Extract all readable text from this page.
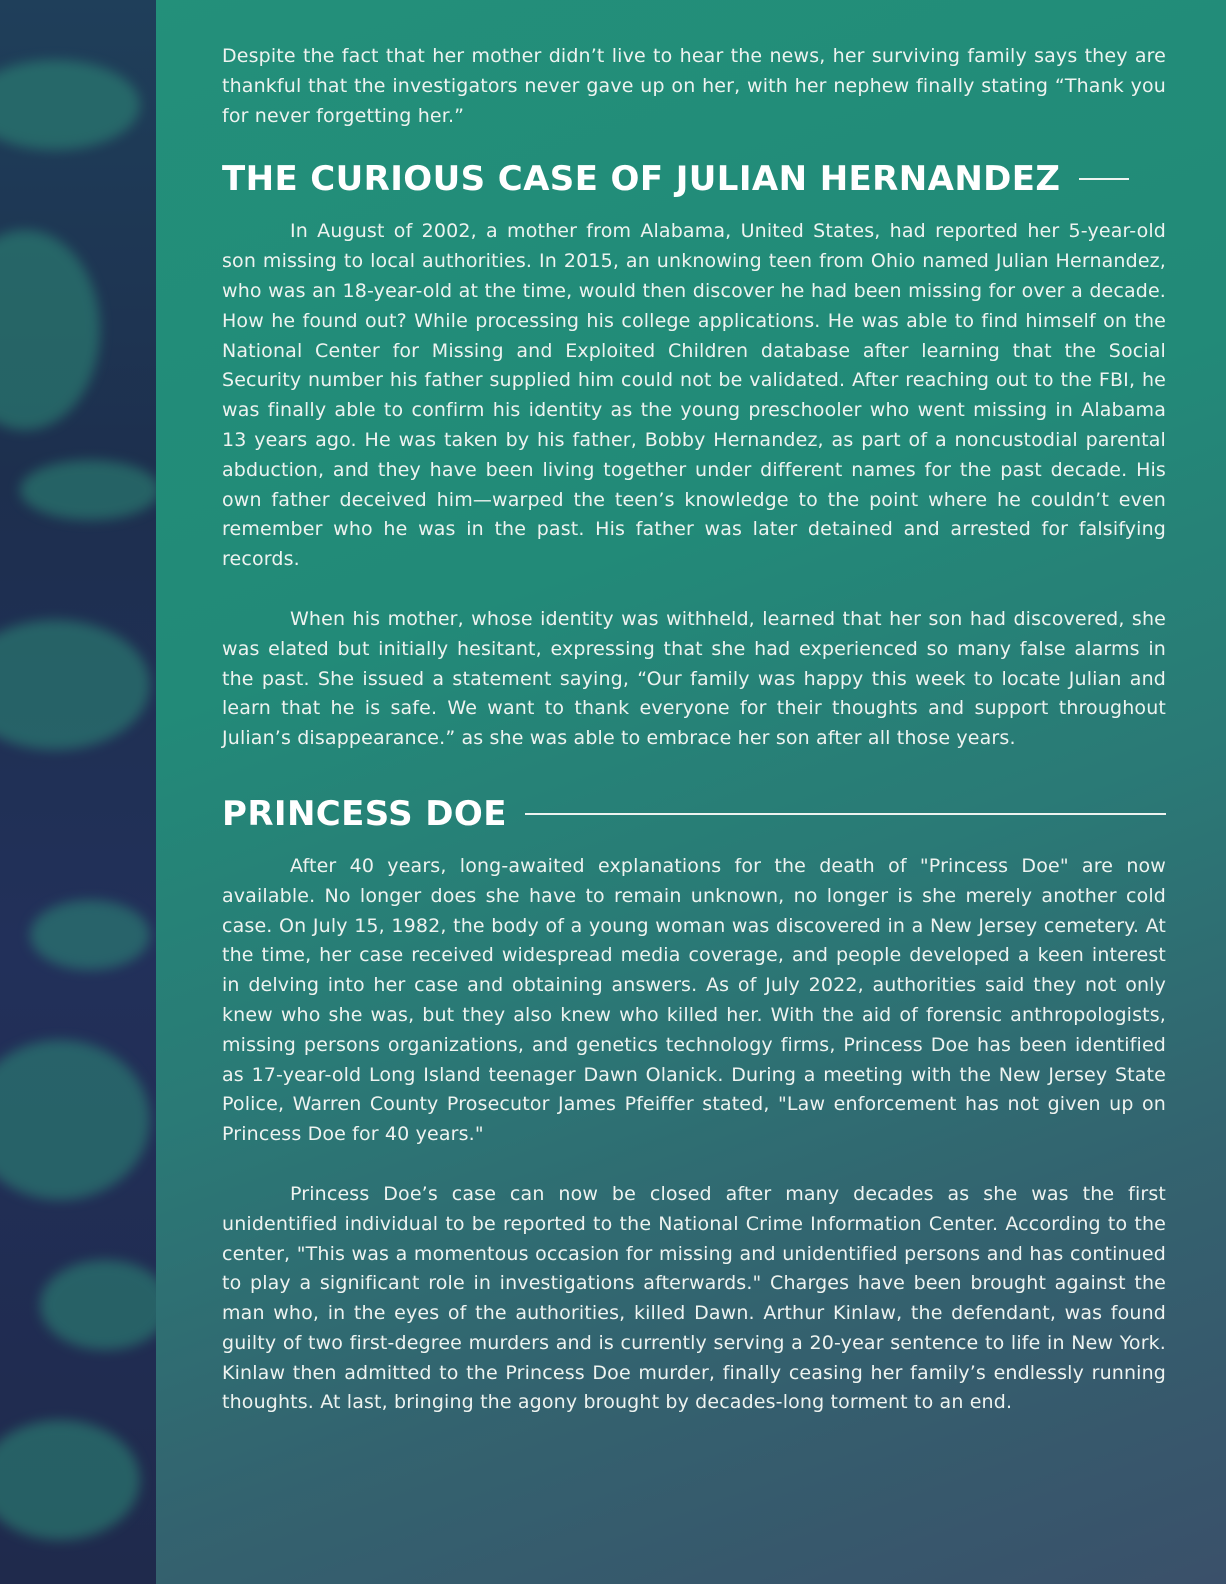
Despite the fact that her mother didn’t live to hear the news, her surviving family says they are thankful that the investigators never gave up on her, with her nephew finally stating “Thank you for never forgetting her.”

THE CURIOUS CASE OF JULIAN HERNANDEZ

In August of 2002, a mother from Alabama, United States, had reported her 5-year-old son missing to local authorities. In 2015, an unknowing teen from Ohio named Julian Hernandez, who was an 18-year-old at the time, would then discover he had been missing for over a decade. How he found out? While processing his college applications. He was able to find himself on the National Center for Missing and Exploited Children database after learning that the Social Security number his father supplied him could not be validated. After reaching out to the FBI, he was finally able to confirm his identity as the young preschooler who went missing in Alabama 13 years ago. He was taken by his father, Bobby Hernandez, as part of a noncustodial parental abduction, and they have been living together under different names for the past decade. His own father deceived him—warped the teen’s knowledge to the point where he couldn’t even remember who he was in the past. His father was later detained and arrested for falsifying records.

When his mother, whose identity was withheld, learned that her son had discovered, she was elated but initially hesitant, expressing that she had experienced so many false alarms in the past. She issued a statement saying, “Our family was happy this week to locate Julian and learn that he is safe. We want to thank everyone for their thoughts and support throughout Julian’s disappearance.” as she was able to embrace her son after all those years.

PRINCESS DOE

After 40 years, long-awaited explanations for the death of "Princess Doe" are now available. No longer does she have to remain unknown, no longer is she merely another cold case. On July 15, 1982, the body of a young woman was discovered in a New Jersey cemetery. At the time, her case received widespread media coverage, and people developed a keen interest in delving into her case and obtaining answers. As of July 2022, authorities said they not only knew who she was, but they also knew who killed her. With the aid of forensic anthropologists, missing persons organizations, and genetics technology firms, Princess Doe has been identified as 17-year-old Long Island teenager Dawn Olanick. During a meeting with the New Jersey State Police, Warren County Prosecutor James Pfeiffer stated, "Law enforcement has not given up on Princess Doe for 40 years."

Princess Doe’s case can now be closed after many decades as she was the first unidentified individual to be reported to the National Crime Information Center. According to the center, "This was a momentous occasion for missing and unidentified persons and has continued to play a significant role in investigations afterwards." Charges have been brought against the man who, in the eyes of the authorities, killed Dawn. Arthur Kinlaw, the defendant, was found guilty of two first-degree murders and is currently serving a 20-year sentence to life in New York. Kinlaw then admitted to the Princess Doe murder, finally ceasing her family’s endlessly running thoughts. At last, bringing the agony brought by decades-long torment to an end.
